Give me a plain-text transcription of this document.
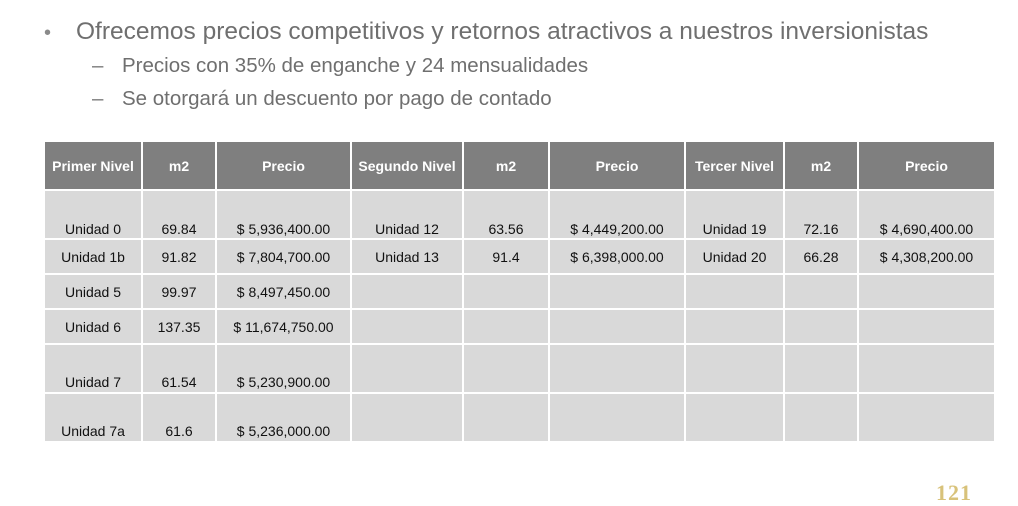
•	Ofrecemos precios competitivos y retornos atractivos a nuestros inversionistas
– Precios con 35% de enganche y 24 mensualidades
– Se otorgará un descuento por pago de contado
Primer Nivel	m2	Precio	Segundo Nivel	m2	Precio	Tercer Nivel	m2	Precio
Unidad 0	69.84	$ 5,936,400.00	Unidad 12	63.56	$ 4,449,200.00	Unidad 19	72.16	$ 4,690,400.00
Unidad 1b	91.82	$ 7,804,700.00	Unidad 13	91.4	$ 6,398,000.00	Unidad 20	66.28	$ 4,308,200.00
Unidad 5	99.97	$ 8,497,450.00						
Unidad 6	137.35	$ 11,674,750.00						
Unidad 7	61.54	$ 5,230,900.00						
Unidad 7a	61.6	$ 5,236,000.00						
121
